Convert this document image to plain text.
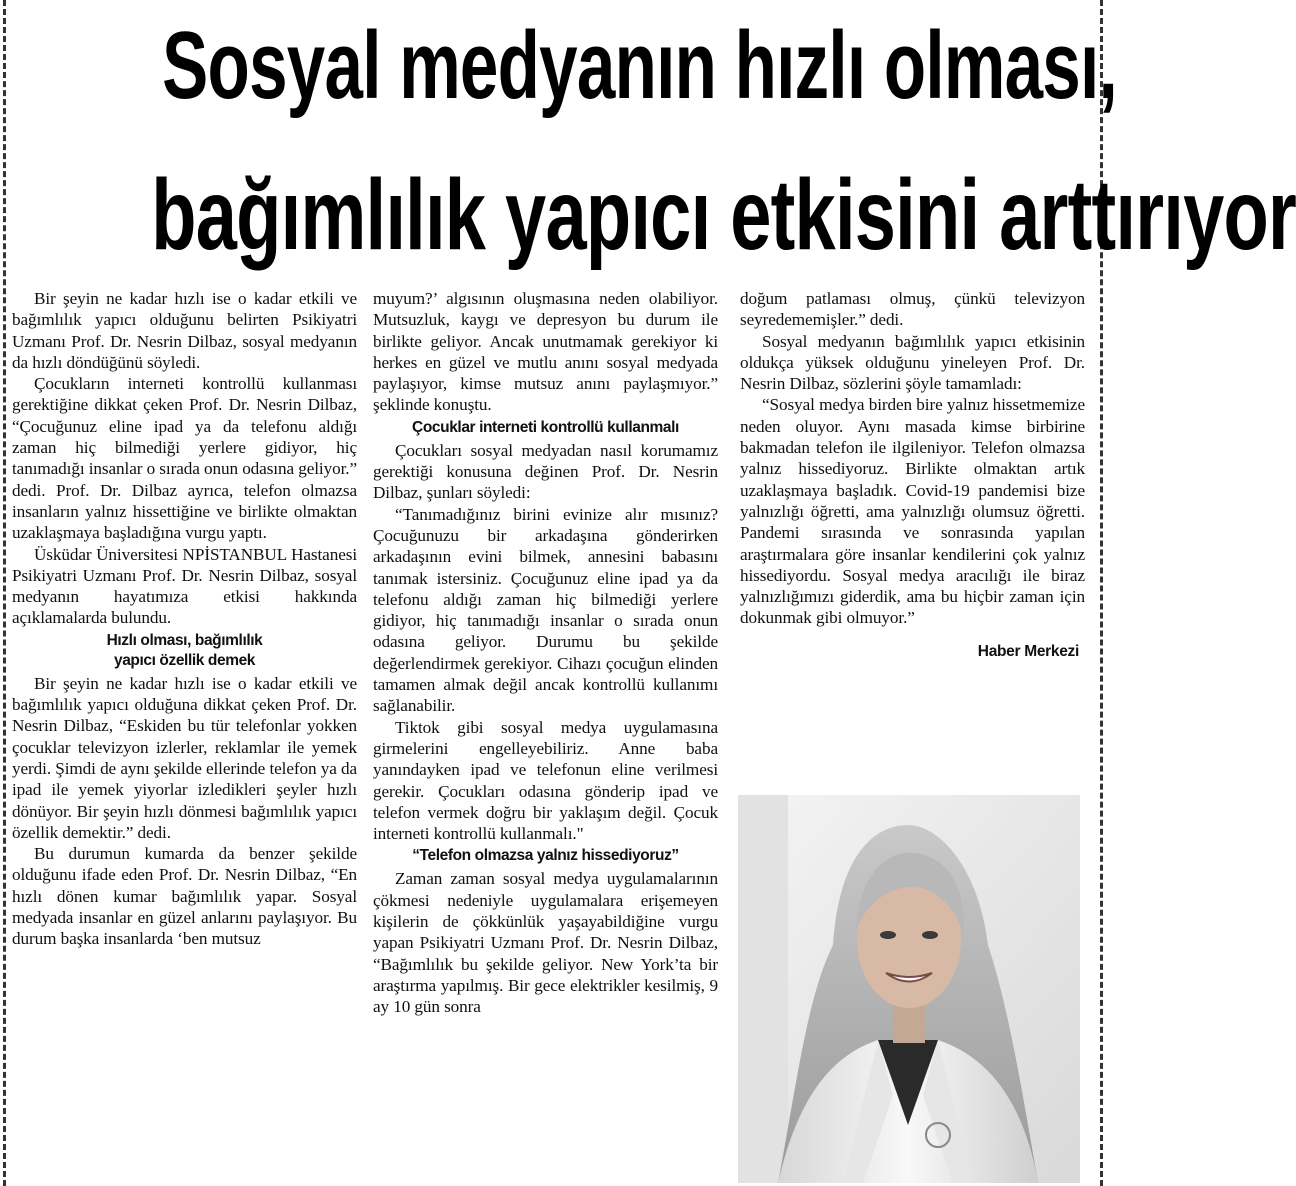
Sosyal medyanın hızlı olması,
bağımlılık yapıcı etkisini arttırıyor

Bir şeyin ne kadar hızlı ise o kadar etkili ve bağımlılık yapıcı olduğunu belirten Psikiyatri Uzmanı Prof. Dr. Nesrin Dilbaz, sosyal medyanın da hızlı döndüğünü söyledi.

Çocukların interneti kontrollü kullanması gerektiğine dikkat çeken Prof. Dr. Nesrin Dilbaz, “Çocuğunuz eline ipad ya da telefonu aldığı zaman hiç bilmediği yerlere gidiyor, hiç tanımadığı insanlar o sırada onun odasına geliyor.” dedi. Prof. Dr. Dilbaz ayrıca, telefon olmazsa insanların yalnız hissettiğine ve birlikte olmaktan uzaklaşmaya başladığına vurgu yaptı.

Üsküdar Üniversitesi NPİSTANBUL Hastanesi Psikiyatri Uzmanı Prof. Dr. Nesrin Dilbaz, sosyal medyanın hayatımıza etkisi hakkında açıklamalarda bulundu.

Hızlı olması, bağımlılık
yapıcı özellik demek

Bir şeyin ne kadar hızlı ise o kadar etkili ve bağımlılık yapıcı olduğuna dikkat çeken Prof. Dr. Nesrin Dilbaz, “Eskiden bu tür telefonlar yokken çocuklar televizyon izlerler, reklamlar ile yemek yerdi. Şimdi de aynı şekilde ellerinde telefon ya da ipad ile yemek yiyorlar izledikleri şeyler hızlı dönüyor. Bir şeyin hızlı dönmesi bağımlılık yapıcı özellik demektir.” dedi.

Bu durumun kumarda da benzer şekilde olduğunu ifade eden Prof. Dr. Nesrin Dilbaz, “En hızlı dönen kumar bağımlılık yapar. Sosyal medyada insanlar en güzel anlarını paylaşıyor. Bu durum başka insanlarda ‘ben mutsuz

muyum?’ algısının oluşmasına neden olabiliyor. Mutsuzluk, kaygı ve depresyon bu durum ile birlikte geliyor. Ancak unutmamak gerekiyor ki herkes en güzel ve mutlu anını sosyal medyada paylaşıyor, kimse mutsuz anını paylaşmıyor.” şeklinde konuştu.

Çocuklar interneti kontrollü kullanmalı

Çocukları sosyal medyadan nasıl korumamız gerektiği konusuna değinen Prof. Dr. Nesrin Dilbaz, şunları söyledi:

“Tanımadığınız birini evinize alır mısınız? Çocuğunuzu bir arkadaşına gönderirken arkadaşının evini bilmek, annesini babasını tanımak istersiniz. Çocuğunuz eline ipad ya da telefonu aldığı zaman hiç bilmediği yerlere gidiyor, hiç tanımadığı insanlar o sırada onun odasına geliyor. Durumu bu şekilde değerlendirmek gerekiyor. Cihazı çocuğun elinden tamamen almak değil ancak kontrollü kullanımı sağlanabilir.

Tiktok gibi sosyal medya uygulamasına girmelerini engelleyebiliriz. Anne baba yanındayken ipad ve telefonun eline verilmesi gerekir. Çocukları odasına gönderip ipad ve telefon vermek doğru bir yaklaşım değil. Çocuk interneti kontrollü kullanmalı."

“Telefon olmazsa yalnız hissediyoruz”

Zaman zaman sosyal medya uygulamalarının çökmesi nedeniyle uygulamalara erişemeyen kişilerin de çökkünlük yaşayabildiğine vurgu yapan Psikiyatri Uzmanı Prof. Dr. Nesrin Dilbaz, “Bağımlılık bu şekilde geliyor. New York’ta bir araştırma yapılmış. Bir gece elektrikler kesilmiş, 9 ay 10 gün sonra

doğum patlaması olmuş, çünkü televizyon seyredememişler.” dedi.

Sosyal medyanın bağımlılık yapıcı etkisinin oldukça yüksek olduğunu yineleyen Prof. Dr. Nesrin Dilbaz, sözlerini şöyle tamamladı:

“Sosyal medya birden bire yalnız hissetmemize neden oluyor. Aynı masada kimse birbirine bakmadan telefon ile ilgileniyor. Telefon olmazsa yalnız hissediyoruz. Birlikte olmaktan artık uzaklaşmaya başladık. Covid-19 pandemisi bize yalnızlığı öğretti, ama yalnızlığı olumsuz öğretti. Pandemi sırasında ve sonrasında yapılan araştırmalara göre insanlar kendilerini çok yalnız hissediyordu. Sosyal medya aracılığı ile biraz yalnızlığımızı giderdik, ama bu hiçbir zaman için dokunmak gibi olmuyor.”

Haber Merkezi
